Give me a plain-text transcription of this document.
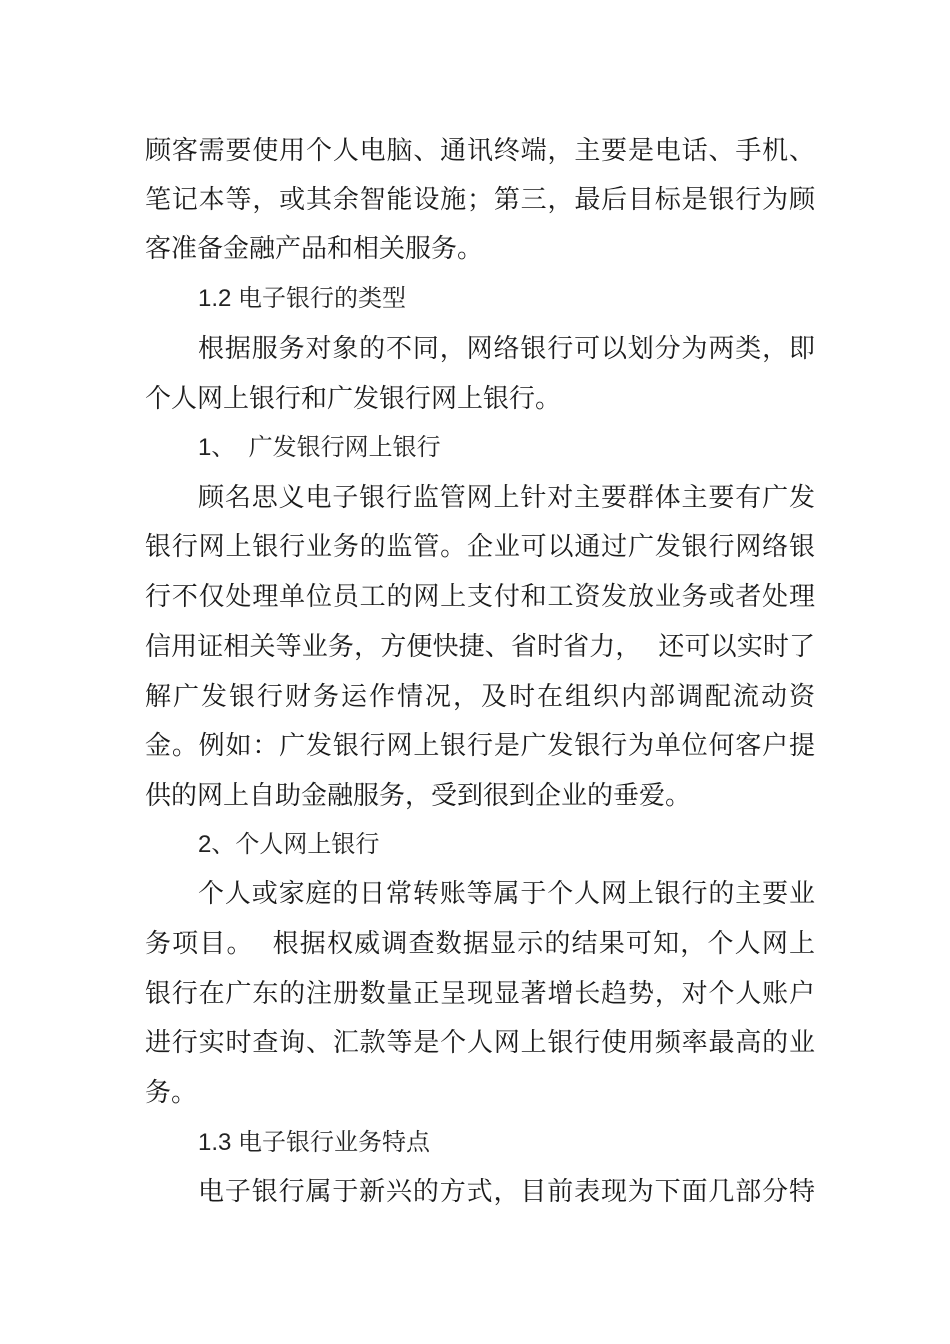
顾客需要使用个人电脑、通讯终端，主要是电话、手机、
笔记本等，或其余智能设施；第三，最后目标是银行为顾
客准备金融产品和相关服务。
1.2 电子银行的类型
根据服务对象的不同，网络银行可以划分为两类，即
个人网上银行和广发银行网上银行。
1、  广发银行网上银行
顾名思义电子银行监管网上针对主要群体主要有广发
银行网上银行业务的监管。企业可以通过广发银行网络银
行不仅处理单位员工的网上支付和工资发放业务或者处理
信用证相关等业务，方便快捷、省时省力，  还可以实时了
解广发银行财务运作情况，及时在组织内部调配流动资
金。例如：广发银行网上银行是广发银行为单位何客户提
供的网上自助金融服务，受到很到企业的垂爱。
2、个人网上银行
个人或家庭的日常转账等属于个人网上银行的主要业
务项目。  根据权威调查数据显示的结果可知，个人网上
银行在广东的注册数量正呈现显著增长趋势，对个人账户
进行实时查询、汇款等是个人网上银行使用频率最高的业
务。
1.3 电子银行业务特点
电子银行属于新兴的方式，目前表现为下面几部分特
